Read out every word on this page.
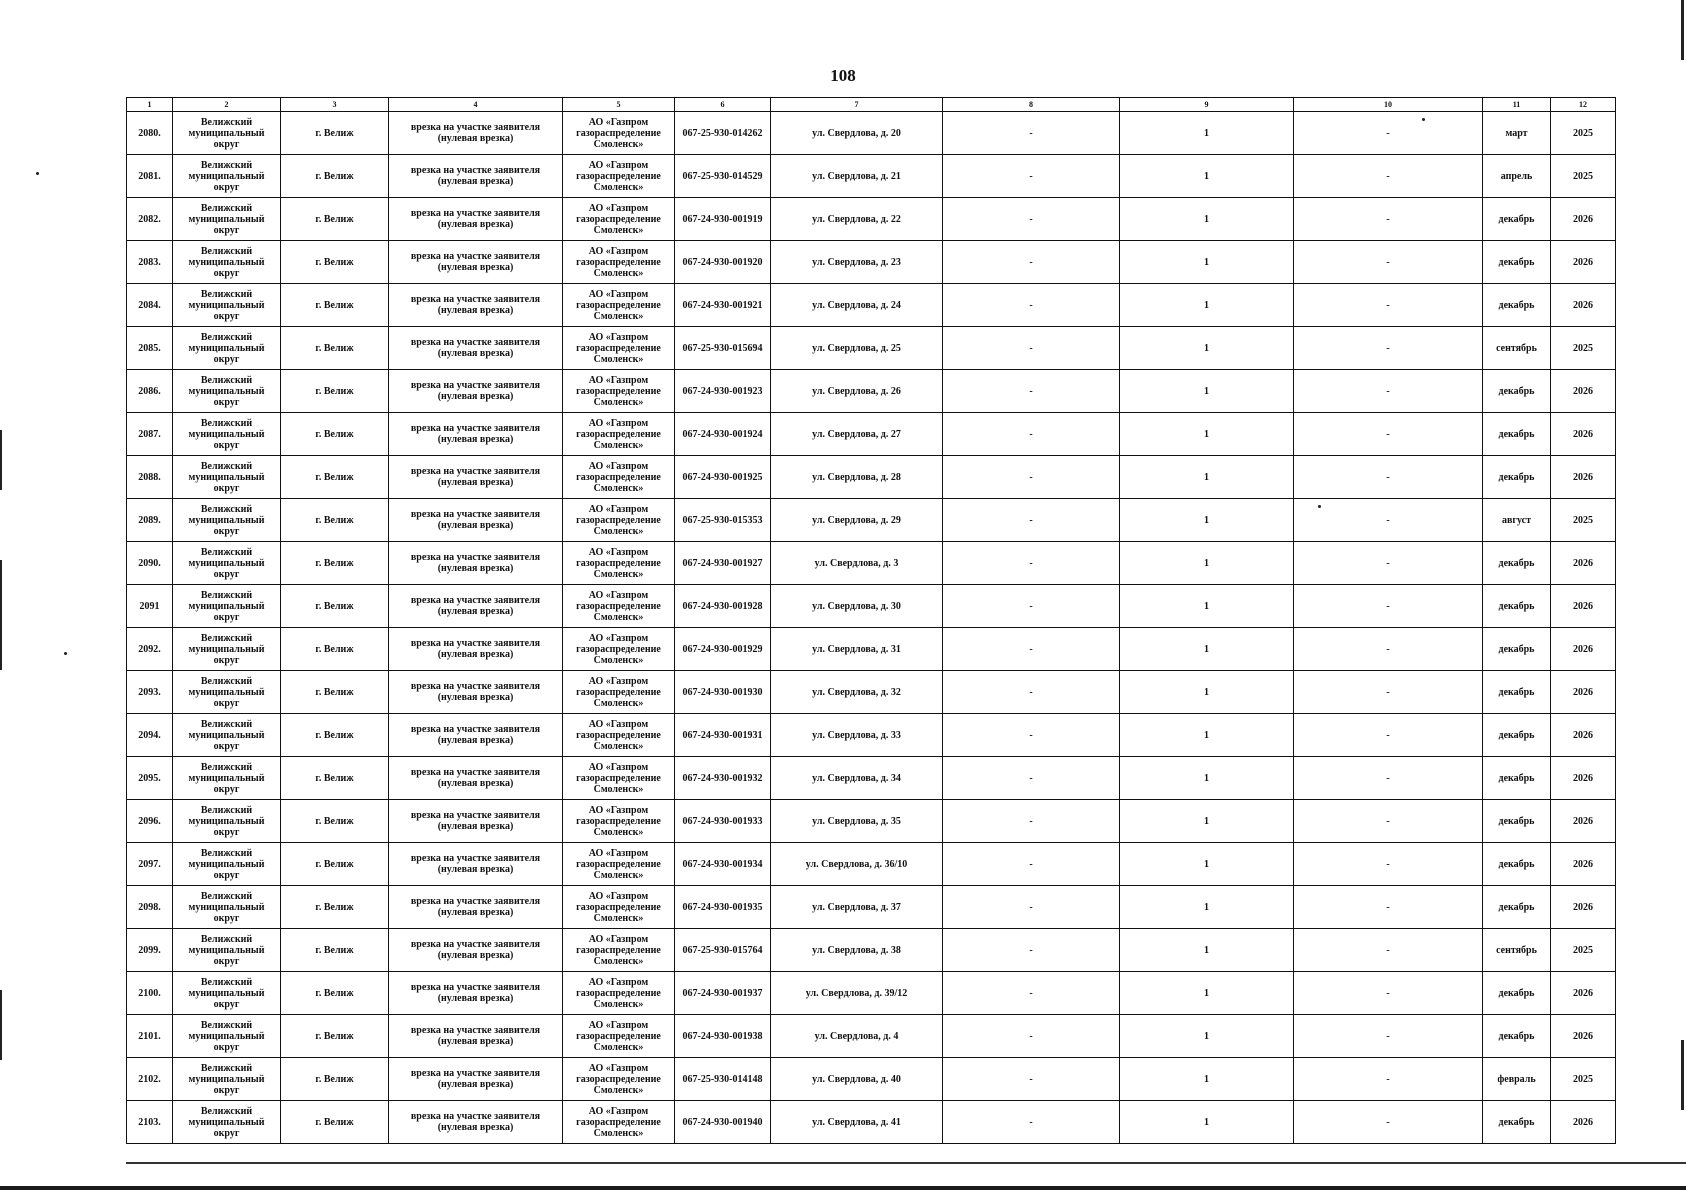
108
1	2	3	4	5	6	7	8	9	10	11	12
2080.	Велижский
муниципальный
округ	г. Велиж	врезка на участке заявителя
(нулевая врезка)	АО «Газпром
газораспределение
Смоленск»	067-25-930-014262	ул. Свердлова, д. 20	-	1	-	март	2025
2081.	Велижский
муниципальный
округ	г. Велиж	врезка на участке заявителя
(нулевая врезка)	АО «Газпром
газораспределение
Смоленск»	067-25-930-014529	ул. Свердлова, д. 21	-	1	-	апрель	2025
2082.	Велижский
муниципальный
округ	г. Велиж	врезка на участке заявителя
(нулевая врезка)	АО «Газпром
газораспределение
Смоленск»	067-24-930-001919	ул. Свердлова, д. 22	-	1	-	декабрь	2026
2083.	Велижский
муниципальный
округ	г. Велиж	врезка на участке заявителя
(нулевая врезка)	АО «Газпром
газораспределение
Смоленск»	067-24-930-001920	ул. Свердлова, д. 23	-	1	-	декабрь	2026
2084.	Велижский
муниципальный
округ	г. Велиж	врезка на участке заявителя
(нулевая врезка)	АО «Газпром
газораспределение
Смоленск»	067-24-930-001921	ул. Свердлова, д. 24	-	1	-	декабрь	2026
2085.	Велижский
муниципальный
округ	г. Велиж	врезка на участке заявителя
(нулевая врезка)	АО «Газпром
газораспределение
Смоленск»	067-25-930-015694	ул. Свердлова, д. 25	-	1	-	сентябрь	2025
2086.	Велижский
муниципальный
округ	г. Велиж	врезка на участке заявителя
(нулевая врезка)	АО «Газпром
газораспределение
Смоленск»	067-24-930-001923	ул. Свердлова, д. 26	-	1	-	декабрь	2026
2087.	Велижский
муниципальный
округ	г. Велиж	врезка на участке заявителя
(нулевая врезка)	АО «Газпром
газораспределение
Смоленск»	067-24-930-001924	ул. Свердлова, д. 27	-	1	-	декабрь	2026
2088.	Велижский
муниципальный
округ	г. Велиж	врезка на участке заявителя
(нулевая врезка)	АО «Газпром
газораспределение
Смоленск»	067-24-930-001925	ул. Свердлова, д. 28	-	1	-	декабрь	2026
2089.	Велижский
муниципальный
округ	г. Велиж	врезка на участке заявителя
(нулевая врезка)	АО «Газпром
газораспределение
Смоленск»	067-25-930-015353	ул. Свердлова, д. 29	-	1	-	август	2025
2090.	Велижский
муниципальный
округ	г. Велиж	врезка на участке заявителя
(нулевая врезка)	АО «Газпром
газораспределение
Смоленск»	067-24-930-001927	ул. Свердлова, д. 3	-	1	-	декабрь	2026
2091	Велижский
муниципальный
округ	г. Велиж	врезка на участке заявителя
(нулевая врезка)	АО «Газпром
газораспределение
Смоленск»	067-24-930-001928	ул. Свердлова, д. 30	-	1	-	декабрь	2026
2092.	Велижский
муниципальный
округ	г. Велиж	врезка на участке заявителя
(нулевая врезка)	АО «Газпром
газораспределение
Смоленск»	067-24-930-001929	ул. Свердлова, д. 31	-	1	-	декабрь	2026
2093.	Велижский
муниципальный
округ	г. Велиж	врезка на участке заявителя
(нулевая врезка)	АО «Газпром
газораспределение
Смоленск»	067-24-930-001930	ул. Свердлова, д. 32	-	1	-	декабрь	2026
2094.	Велижский
муниципальный
округ	г. Велиж	врезка на участке заявителя
(нулевая врезка)	АО «Газпром
газораспределение
Смоленск»	067-24-930-001931	ул. Свердлова, д. 33	-	1	-	декабрь	2026
2095.	Велижский
муниципальный
округ	г. Велиж	врезка на участке заявителя
(нулевая врезка)	АО «Газпром
газораспределение
Смоленск»	067-24-930-001932	ул. Свердлова, д. 34	-	1	-	декабрь	2026
2096.	Велижский
муниципальный
округ	г. Велиж	врезка на участке заявителя
(нулевая врезка)	АО «Газпром
газораспределение
Смоленск»	067-24-930-001933	ул. Свердлова, д. 35	-	1	-	декабрь	2026
2097.	Велижский
муниципальный
округ	г. Велиж	врезка на участке заявителя
(нулевая врезка)	АО «Газпром
газораспределение
Смоленск»	067-24-930-001934	ул. Свердлова, д. 36/10	-	1	-	декабрь	2026
2098.	Велижский
муниципальный
округ	г. Велиж	врезка на участке заявителя
(нулевая врезка)	АО «Газпром
газораспределение
Смоленск»	067-24-930-001935	ул. Свердлова, д. 37	-	1	-	декабрь	2026
2099.	Велижский
муниципальный
округ	г. Велиж	врезка на участке заявителя
(нулевая врезка)	АО «Газпром
газораспределение
Смоленск»	067-25-930-015764	ул. Свердлова, д. 38	-	1	-	сентябрь	2025
2100.	Велижский
муниципальный
округ	г. Велиж	врезка на участке заявителя
(нулевая врезка)	АО «Газпром
газораспределение
Смоленск»	067-24-930-001937	ул. Свердлова, д. 39/12	-	1	-	декабрь	2026
2101.	Велижский
муниципальный
округ	г. Велиж	врезка на участке заявителя
(нулевая врезка)	АО «Газпром
газораспределение
Смоленск»	067-24-930-001938	ул. Свердлова, д. 4	-	1	-	декабрь	2026
2102.	Велижский
муниципальный
округ	г. Велиж	врезка на участке заявителя
(нулевая врезка)	АО «Газпром
газораспределение
Смоленск»	067-25-930-014148	ул. Свердлова, д. 40	-	1	-	февраль	2025
2103.	Велижский
муниципальный
округ	г. Велиж	врезка на участке заявителя
(нулевая врезка)	АО «Газпром
газораспределение
Смоленск»	067-24-930-001940	ул. Свердлова, д. 41	-	1	-	декабрь	2026
